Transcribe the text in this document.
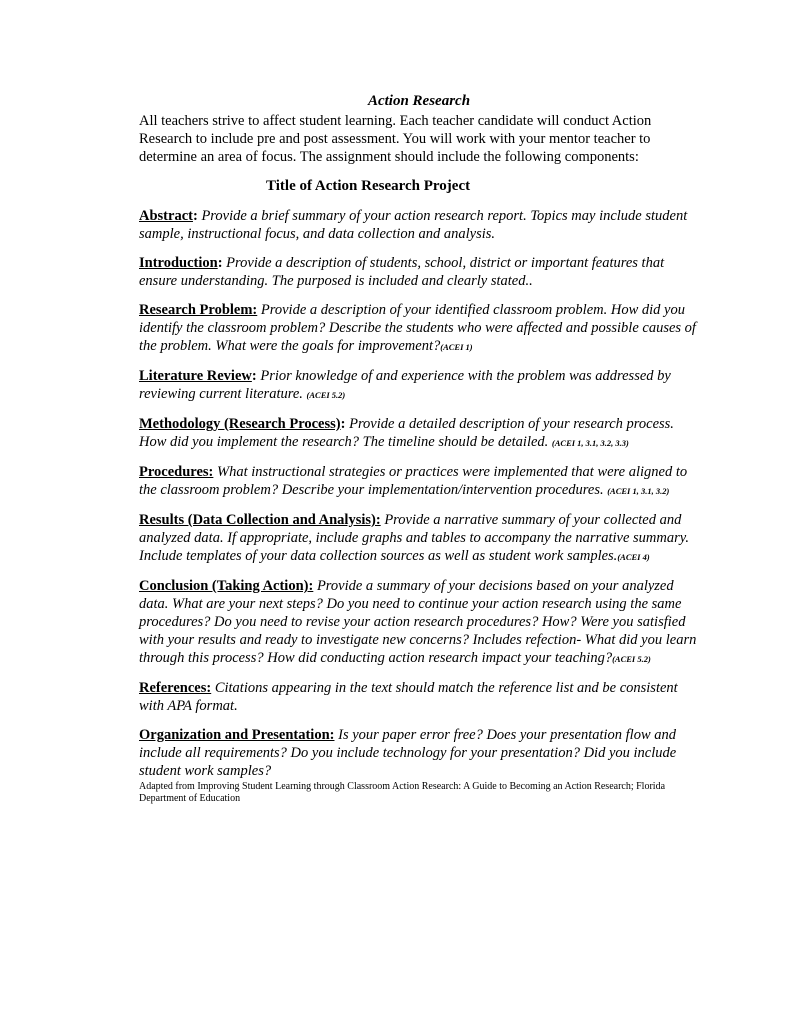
Action Research

All teachers strive to affect student learning. Each teacher candidate will conduct Action Research to include pre and post assessment. You will work with your mentor teacher to determine an area of focus. The assignment should include the following components:

Title of Action Research Project

Abstract: Provide a brief summary of your action research report. Topics may include student sample, instructional focus, and data collection and analysis.

Introduction: Provide a description of students, school, district or important features that ensure understanding. The purposed is included and clearly stated..

Research Problem: Provide a description of your identified classroom problem. How did you identify the classroom problem? Describe the students who were affected and possible causes of the problem. What were the goals for improvement?(ACEI 1)

Literature Review: Prior knowledge of and experience with the problem was addressed by reviewing current literature. (ACEI 5.2)

Methodology (Research Process): Provide a detailed description of your research process. How did you implement the research? The timeline should be detailed. (ACEI 1, 3.1, 3.2, 3.3)

Procedures: What instructional strategies or practices were implemented that were aligned to the classroom problem? Describe your implementation/intervention procedures. (ACEI 1, 3.1, 3.2)

Results (Data Collection and Analysis): Provide a narrative summary of your collected and analyzed data. If appropriate, include graphs and tables to accompany the narrative summary. Include templates of your data collection sources as well as student work samples.(ACEI 4)

Conclusion (Taking Action): Provide a summary of your decisions based on your analyzed data. What are your next steps? Do you need to continue your action research using the same procedures? Do you need to revise your action research procedures? How? Were you satisfied with your results and ready to investigate new concerns? Includes refection- What did you learn through this process? How did conducting action research impact your teaching?(ACEI 5.2)

References: Citations appearing in the text should match the reference list and be consistent with APA format.

Organization and Presentation: Is your paper error free? Does your presentation flow and include all requirements? Do you include technology for your presentation? Did you include student work samples?

Adapted from Improving Student Learning through Classroom Action Research: A Guide to Becoming an Action Research; Florida Department of Education
